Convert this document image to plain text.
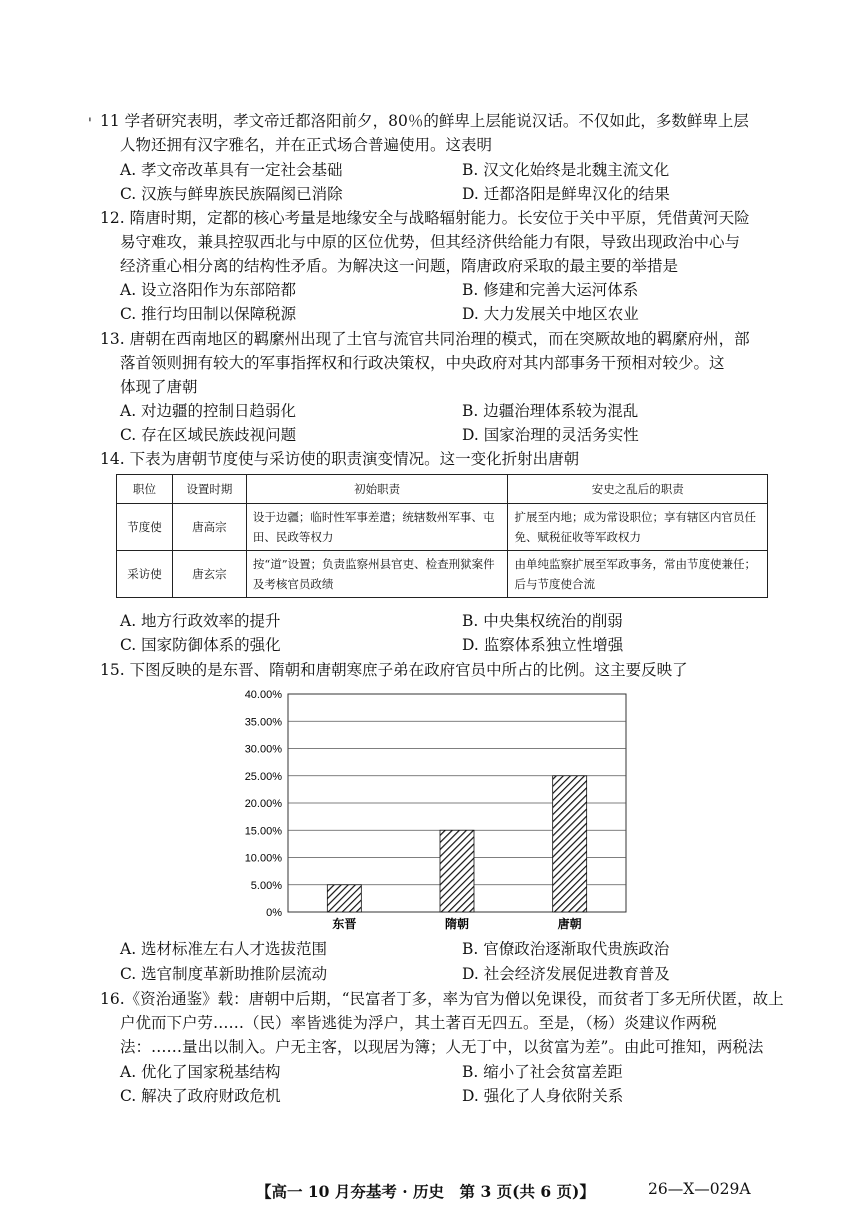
11 学者研究表明，孝文帝迁都洛阳前夕，80％的鲜卑上层能说汉话。不仅如此，多数鲜卑上层
人物还拥有汉字雅名，并在正式场合普遍使用。这表明
A. 孝文帝改革具有一定社会基础	B. 汉文化始终是北魏主流文化
C. 汉族与鲜卑族民族隔阂已消除	D. 迁都洛阳是鲜卑汉化的结果
12. 隋唐时期，定都的核心考量是地缘安全与战略辐射能力。长安位于关中平原，凭借黄河天险
易守难攻，兼具控驭西北与中原的区位优势，但其经济供给能力有限，导致出现政治中心与
经济重心相分离的结构性矛盾。为解决这一问题，隋唐政府采取的最主要的举措是
A. 设立洛阳作为东部陪都	B. 修建和完善大运河体系
C. 推行均田制以保障税源	D. 大力发展关中地区农业
13. 唐朝在西南地区的羁縻州出现了土官与流官共同治理的模式，而在突厥故地的羁縻府州，部
落首领则拥有较大的军事指挥权和行政决策权，中央政府对其内部事务干预相对较少。这
体现了唐朝
A. 对边疆的控制日趋弱化	B. 边疆治理体系较为混乱
C. 存在区域民族歧视问题	D. 国家治理的灵活务实性
14. 下表为唐朝节度使与采访使的职责演变情况。这一变化折射出唐朝
职位	设置时期	初始职责	安史之乱后的职责
节度使	唐高宗	设于边疆；临时性军事差遣；统辖数州军事、屯田、民政等权力	扩展至内地；成为常设职位；享有辖区内官员任免、赋税征收等军政权力
采访使	唐玄宗	按“道”设置；负责监察州县官吏、检查刑狱案件及考核官员政绩	由单纯监察扩展至军政事务，常由节度使兼任；后与节度使合流
A. 地方行政效率的提升	B. 中央集权统治的削弱
C. 国家防御体系的强化	D. 监察体系独立性增强
15. 下图反映的是东晋、隋朝和唐朝寒庶子弟在政府官员中所占的比例。这主要反映了
0%
5.00%
10.00%
15.00%
20.00%
25.00%
30.00%
35.00%
40.00%
东晋	隋朝	唐朝
A. 选材标准左右人才选拔范围	B. 官僚政治逐渐取代贵族政治
C. 选官制度革新助推阶层流动	D. 社会经济发展促进教育普及
16.《资治通鉴》载：唐朝中后期，“民富者丁多，率为官为僧以免课役，而贫者丁多无所伏匿，故上
户优而下户劳……（民）率皆逃徙为浮户，其土著百无四五。至是，（杨）炎建议作两税
法：……量出以制入。户无主客，以现居为簿；人无丁中，以贫富为差”。由此可推知，两税法
A. 优化了国家税基结构	B. 缩小了社会贫富差距
C. 解决了政府财政危机	D. 强化了人身依附关系
【高一 10 月夯基考 · 历史　第 3 页(共 6 页)】	26—X—029A
'
